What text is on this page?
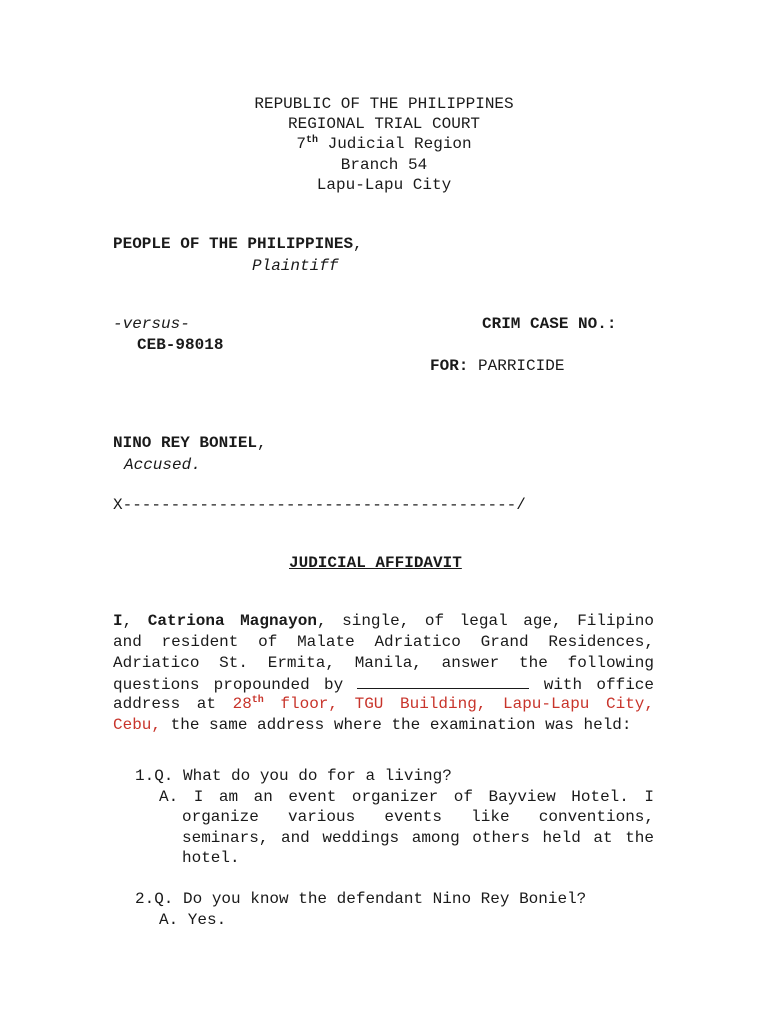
REPUBLIC OF THE PHILIPPINES
REGIONAL TRIAL COURT
7th Judicial Region
Branch 54
Lapu-Lapu City
PEOPLE OF THE PHILIPPINES,
Plaintiff
-versus-	CRIM CASE NO.:
CEB-98018
FOR: PARRICIDE
NINO REY BONIEL,
Accused.
X-----------------------------------------/
JUDICIAL AFFIDAVIT
I, Catriona Magnayon, single, of legal age, Filipino
and resident of Malate Adriatico Grand Residences,
Adriatico St. Ermita, Manila, answer the following
questions propounded by	with office
address at 28th floor, TGU Building, Lapu-Lapu City,
Cebu, the same address where the examination was held:
1.Q. What do you do for a living?
A. I am an event organizer of Bayview Hotel. I
organize various events like conventions,
seminars, and weddings among others held at the
hotel.
2.Q. Do you know the defendant Nino Rey Boniel?
A. Yes.
